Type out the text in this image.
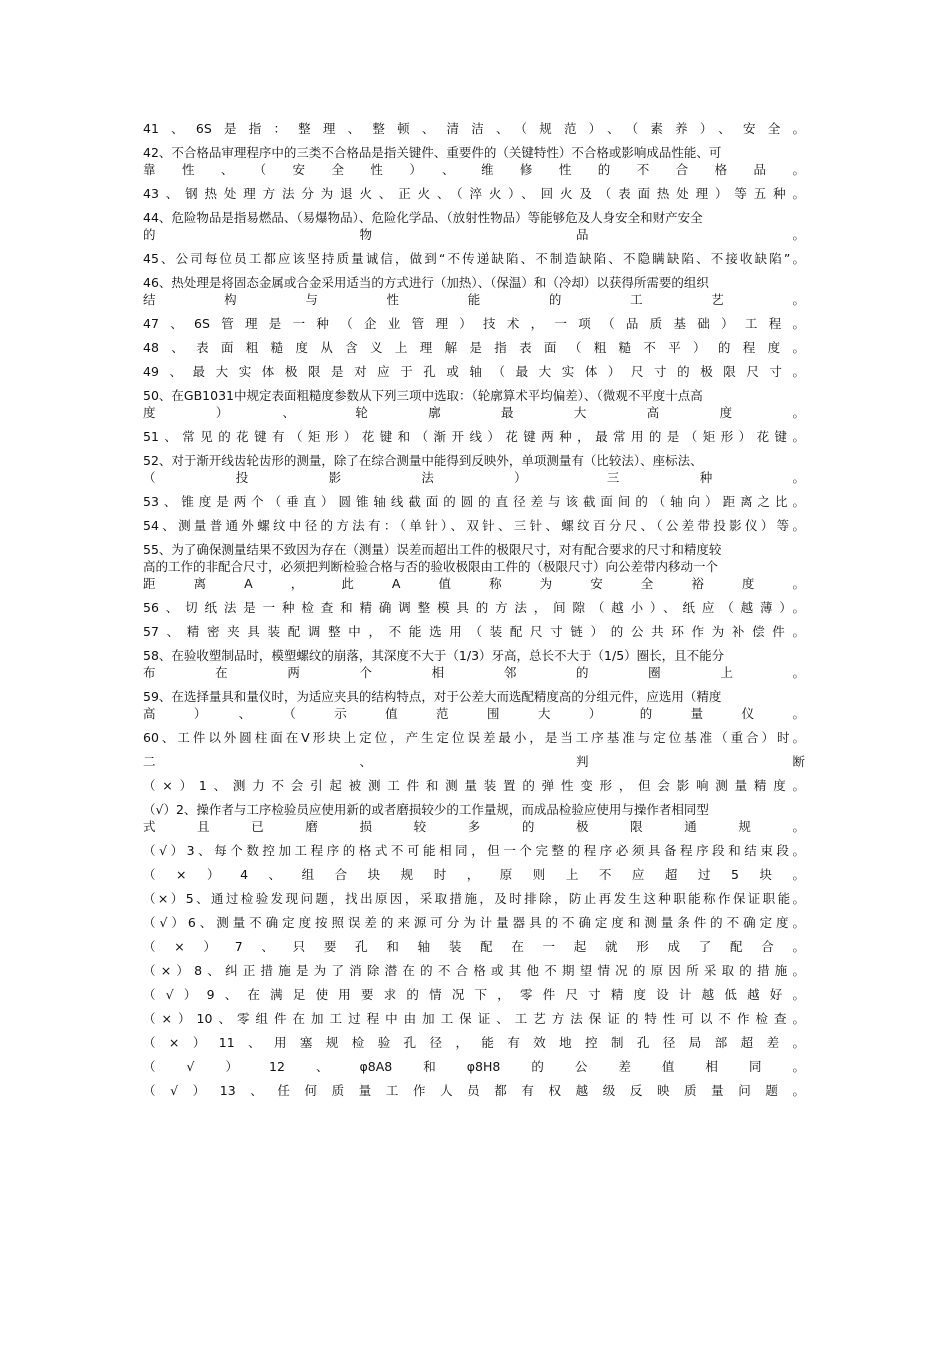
41、6S是指：整理、整顿、清洁、（规范）、（素养）、安全。
42、不合格品审理程序中的三类不合格品是指关键件、重要件的（关键特性）不合格或影响成品性能、可
靠性、（安全性）、维修性的不合格品。
43、钢热处理方法分为退火、正火、（淬火）、回火及（表面热处理）等五种。
44、危险物品是指易燃品、（易爆物品）、危险化学品、（放射性物品）等能够危及人身安全和财产安全
的物品。
45、公司每位员工都应该坚持质量诚信，做到“不传递缺陷、不制造缺陷、不隐瞒缺陷、不接收缺陷”。
46、热处理是将固态金属或合金采用适当的方式进行（加热）、（保温）和（冷却）以获得所需要的组织
结构与性能的工艺。
47、6S管理是一种（企业管理）技术，一项（品质基础）工程。
48、表面粗糙度从含义上理解是指表面（粗糙不平）的程度。
49、最大实体极限是对应于孔或轴（最大实体）尺寸的极限尺寸。
50、在GB1031中规定表面粗糙度参数从下列三项中选取：（轮廓算术平均偏差）、（微观不平度十点高
度）、轮廓最大高度。
51、常见的花键有（矩形）花键和（渐开线）花键两种，最常用的是（矩形）花键。
52、对于渐开线齿轮齿形的测量，除了在综合测量中能得到反映外，单项测量有（比较法）、座标法、
（投影法）三种。
53、锥度是两个（垂直）圆锥轴线截面的圆的直径差与该截面间的（轴向）距离之比。
54、测量普通外螺纹中径的方法有：（单针）、双针、三针、螺纹百分尺、（公差带投影仪）等。
55、为了确保测量结果不致因为存在（测量）误差而超出工件的极限尺寸，对有配合要求的尺寸和精度较
高的工作的非配合尺寸，必须把判断检验合格与否的验收极限由工件的（极限尺寸）向公差带内移动一个
距离A，此A值称为安全裕度。
56、切纸法是一种检查和精确调整模具的方法，间隙（越小）、纸应（越薄）。
57、精密夹具装配调整中，不能选用（装配尺寸链）的公共环作为补偿件。
58、在验收塑制品时，模塑螺纹的崩落，其深度不大于（1/3）牙高，总长不大于（1/5）圈长，且不能分
布在两个相邻的圈上。
59、在选择量具和量仪时，为适应夹具的结构特点，对于公差大而选配精度高的分组元件，应选用（精度
高）、（示值范围大）的量仪。
60、工件以外圆柱面在V形块上定位，产生定位误差最小，是当工序基准与定位基准（重合）时。
二、判断
（×）1、测力不会引起被测工件和测量装置的弹性变形，但会影响测量精度。
（√）2、操作者与工序检验员应使用新的或者磨损较少的工作量规，而成品检验应使用与操作者相同型
式且已磨损较多的极限通规。
（√）3、每个数控加工程序的格式不可能相同，但一个完整的程序必须具备程序段和结束段。
（×）4、组合块规时，原则上不应超过5块。
（×）5、通过检验发现问题，找出原因，采取措施，及时排除，防止再发生这种职能称作保证职能。
（√）6、测量不确定度按照误差的来源可分为计量器具的不确定度和测量条件的不确定度。
（×）7、只要孔和轴装配在一起就形成了配合。
（×）8、纠正措施是为了消除潜在的不合格或其他不期望情况的原因所采取的措施。
（√）9、在满足使用要求的情况下，零件尺寸精度设计越低越好。
（×）10、零组件在加工过程中由加工保证、工艺方法保证的特性可以不作检查。
（×）11、用塞规检验孔径，能有效地控制孔径局部超差。
（√）12、φ8A8和φ8H8的公差值相同。
（√）13、任何质量工作人员都有权越级反映质量问题。
